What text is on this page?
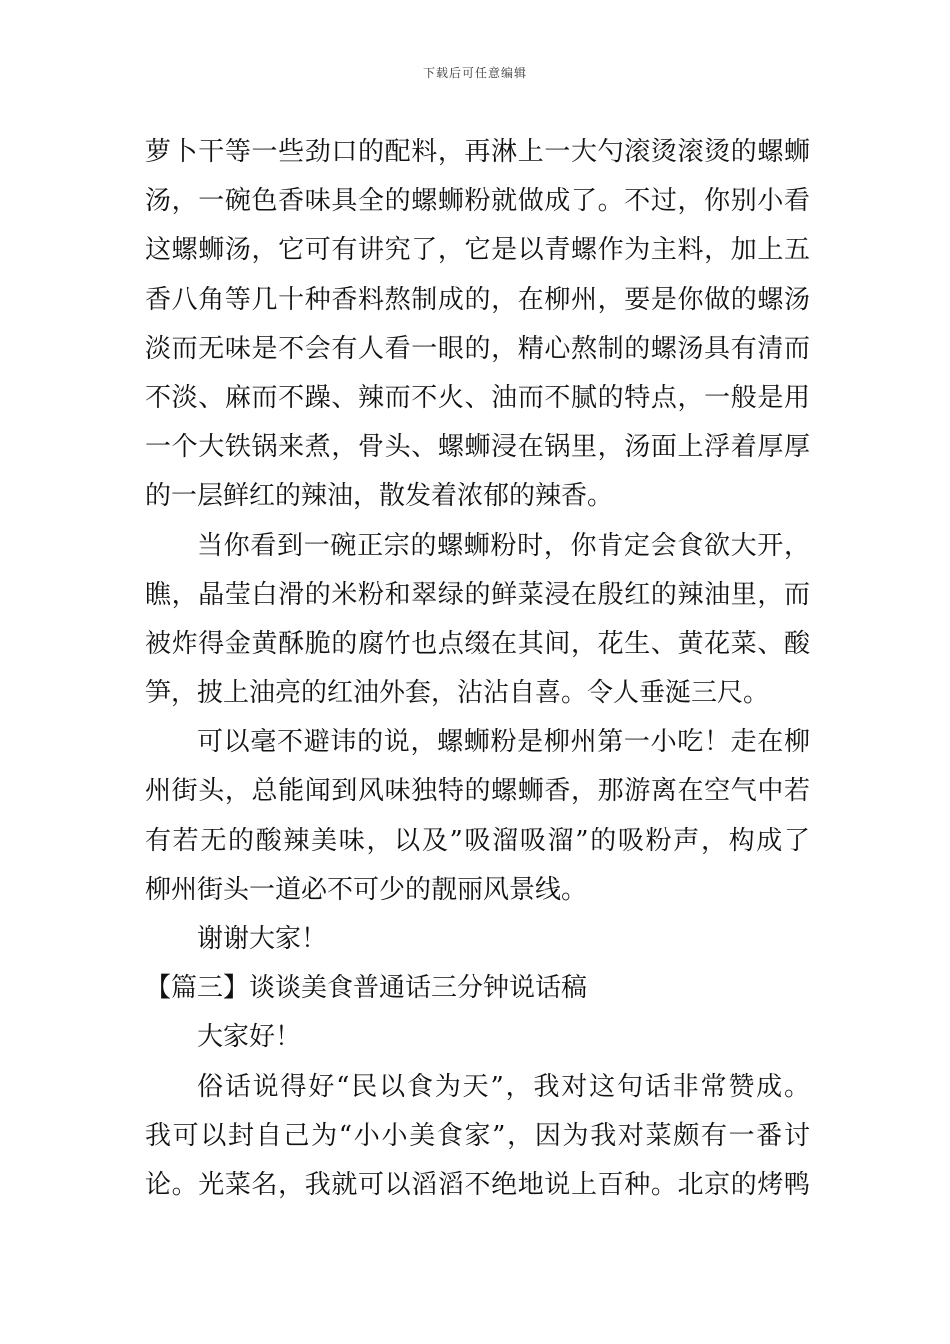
下载后可任意编辑
萝卜干等一些劲口的配料，再淋上一大勺滚烫滚烫的螺蛳
汤，一碗色香味具全的螺蛳粉就做成了。不过，你别小看
这螺蛳汤，它可有讲究了，它是以青螺作为主料，加上五
香八角等几十种香料熬制成的，在柳州，要是你做的螺汤
淡而无味是不会有人看一眼的，精心熬制的螺汤具有清而
不淡、麻而不躁、辣而不火、油而不腻的特点，一般是用
一个大铁锅来煮，骨头、螺蛳浸在锅里，汤面上浮着厚厚
的一层鲜红的辣油，散发着浓郁的辣香。
当你看到一碗正宗的螺蛳粉时，你肯定会食欲大开，
瞧，晶莹白滑的米粉和翠绿的鲜菜浸在殷红的辣油里，而
被炸得金黄酥脆的腐竹也点缀在其间，花生、黄花菜、酸
笋，披上油亮的红油外套，沾沾自喜。令人垂涎三尺。
可以毫不避讳的说，螺蛳粉是柳州第一小吃！走在柳
州街头，总能闻到风味独特的螺蛳香，那游离在空气中若
有若无的酸辣美味，以及”吸溜吸溜”的吸粉声，构成了
柳州街头一道必不可少的靓丽风景线。
谢谢大家！
【篇三】谈谈美食普通话三分钟说话稿
大家好！
俗话说得好“民以食为天”，我对这句话非常赞成。
我可以封自己为“小小美食家”，因为我对菜颇有一番讨
论。光菜名，我就可以滔滔不绝地说上百种。北京的烤鸭
